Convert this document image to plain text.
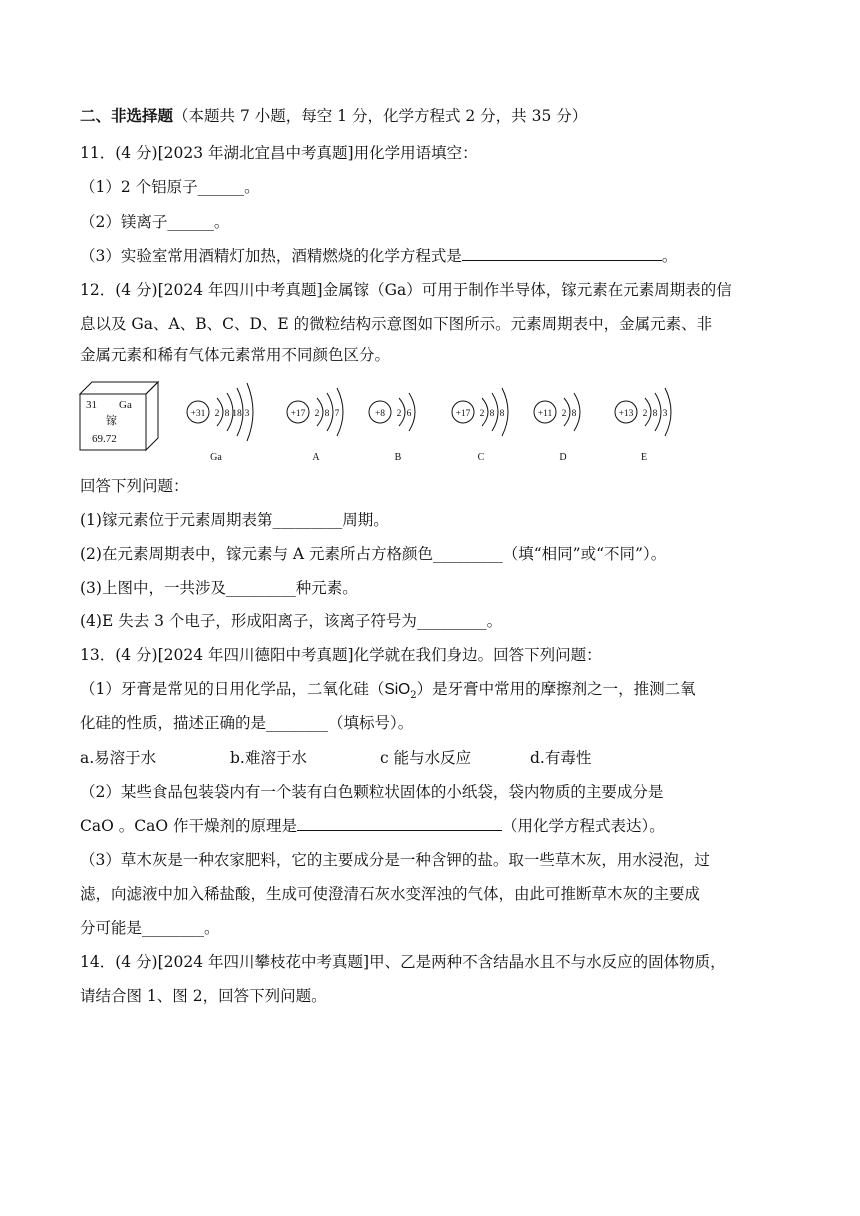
二、非选择题（本题共 7 小题，每空 1 分，化学方程式 2 分，共 35 分）
11．(4 分)[2023 年湖北宜昌中考真题]用化学用语填空：
（1）2 个铝原子______。
（2）镁离子______。
（3）实验室常用酒精灯加热，酒精燃烧的化学方程式是	。
12．(4 分)[2024 年四川中考真题]金属镓（Ga）可用于制作半导体，镓元素在元素周期表的信
息以及 Ga、A、B、C、D、E 的微粒结构示意图如下图所示。元素周期表中，金属元素、非
金属元素和稀有气体元素常用不同颜色区分。
31 Ga
镓
69.72
+31 2 8 18 3
Ga
+17 2 8 7
A
+8 2 6
B
+17 2 8 8
C
+11 2 8
D
+13 2 8 3
E
回答下列问题：
(1)镓元素位于元素周期表第_________周期。
(2)在元素周期表中，镓元素与 A 元素所占方格颜色_________（填“相同”或“不同”）。
(3)上图中，一共涉及_________种元素。
(4)E 失去 3 个电子，形成阳离子，该离子符号为_________。
13．(4 分)[2024 年四川德阳中考真题]化学就在我们身边。回答下列问题：
（1）牙膏是常见的日用化学品，二氧化硅（SiO$_2$）是牙膏中常用的摩擦剂之一，推测二氧
化硅的性质，描述正确的是________（填标号）。
a.易溶于水	b.难溶于水	c 能与水反应	d.有毒性
（2）某些食品包装袋内有一个装有白色颗粒状固体的小纸袋，袋内物质的主要成分是
CaO 。CaO 作干燥剂的原理是	（用化学方程式表达）。
（3）草木灰是一种农家肥料，它的主要成分是一种含钾的盐。取一些草木灰，用水浸泡，过
滤，向滤液中加入稀盐酸，生成可使澄清石灰水变浑浊的气体，由此可推断草木灰的主要成
分可能是________。
14．(4 分)[2024 年四川攀枝花中考真题]甲、乙是两种不含结晶水且不与水反应的固体物质，
请结合图 1、图 2，回答下列问题。
